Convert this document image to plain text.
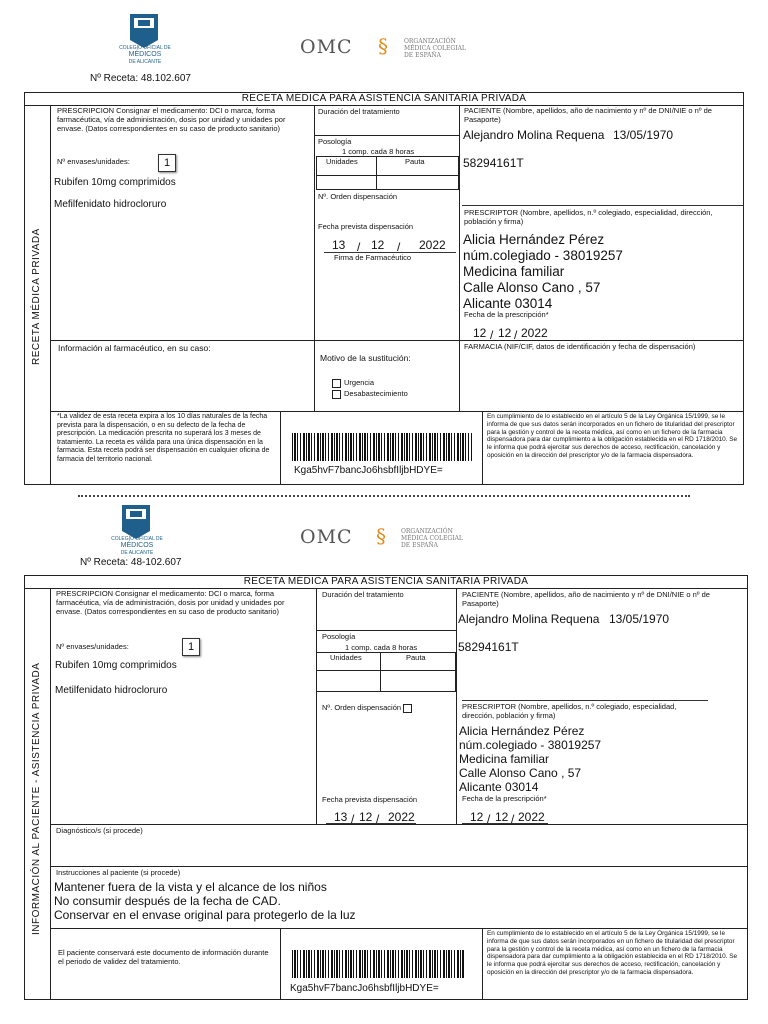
COLEGIO OFICIAL DE
MÉDICOS
DE ALICANTE
OMC §	ORGANIZACIÓN
MÉDICA COLEGIAL
DE ESPAÑA
Nº Receta: 48.102.607
RECETA MÉDICA PARA ASISTENCIA SANITARIA PRIVADA
RECETA MÉDICA PRIVADA
PRESCRIPCION Consignar el medicamento: DCI o marca, forma farmacéutica, vía de administración, dosis por unidad y unidades por envase. (Datos correspondientes en su caso de producto sanitario)
Nº envases/unidades:	1
Rubifen 10mg comprimidos
Mefilfenidato hidrocloruro
Duración del tratamiento
Posología
1 comp. cada 8 horas
Unidades	Pauta
Nº. Orden dispensación
Fecha prevista dispensación
13 / 12 / 2022
Firma de Farmacéutico
PACIENTE (Nombre, apellidos, año de nacimiento y nº de DNI/NIE o nº de Pasaporte)
Alejandro Molina Requena 13/05/1970
58294161T
PRESCRIPTOR (Nombre, apellidos, n.º colegiado, especialidad, dirección, población y firma)
Alicia Hernández Pérez
núm.colegiado - 38019257
Medicina familiar
Calle Alonso Cano , 57
Alicante 03014
Fecha de la prescripción*
12 / 12 / 2022
Información al farmacéutico, en su caso:
Motivo de la sustitución:
Urgencia
Desabastecimiento
FARMACIA (NIF/CIF, datos de identificación y fecha de dispensación)
*La validez de esta receta expira a los 10 días naturales de la fecha prevista para la dispensación, o en su defecto de la fecha de prescripción. La medicación prescrita no superará los 3 meses de tratamiento. La receta es válida para una única dispensación en la farmacia. Esta receta podrá ser dispensación en cualquier oficina de farmacia del territorio nacional.
Kga5hvF7bancJo6hsbfIljbHDYE=
En cumplimiento de lo establecido en el artículo 5 de la Ley Orgánica 15/1999, se le informa de que sus datos serán incorporados en un fichero de titularidad del prescriptor para la gestión y control de la receta médica, así como en un fichero de la farmacia dispensadora para dar cumplimiento a la obligación establecida en el RD 1718/2010. Se le informa que podrá ejercitar sus derechos de acceso, rectificación, cancelación y oposición en la dirección del prescriptor y/o de la farmacia dispensadora.
COLEGIO OFICIAL DE
MÉDICOS
DE ALICANTE
OMC §	ORGANIZACIÓN
MÉDICA COLEGIAL
DE ESPAÑA
Nº Receta: 48-102.607
RECETA MÉDICA PARA ASISTENCIA SANITARIA PRIVADA
INFORMACIÓN AL PACIENTE - ASISTENCIA PRIVADA
PRESCRIPCION Consignar el medicamento: DCI o marca, forma farmacéutica, vía de administración, dosis por unidad y unidades por envase. (Datos correspondientes en su caso de producto sanitario)
Nº envases/unidades:	1
Rubifen 10mg comprimidos
Metilfenidato hidrocloruro
Duración del tratamiento
Posología
1 comp. cada 8 horas
Unidades	Pauta
Nº. Orden dispensación
Fecha prevista dispensación
13 / 12 / 2022
PACIENTE (Nombre, apellidos, año de nacimiento y nº de DNI/NIE o nº de Pasaporte)
Alejandro Molina Requena 13/05/1970
58294161T
PRESCRIPTOR (Nombre, apellidos, n.º colegiado, especialidad, dirección, población y firma)
Alicia Hernández Pérez
núm.colegiado - 38019257
Medicina familiar
Calle Alonso Cano , 57
Alicante 03014
Fecha de la prescripción*
12 / 12 / 2022
Diagnóstico/s (si procede)
Instrucciones al paciente (si procede)
Mantener fuera de la vista y el alcance de los niños
No consumir después de la fecha de CAD.
Conservar en el envase original para protegerlo de la luz
El paciente conservará este documento de información durante el periodo de validez del tratamiento.
Kga5hvF7bancJo6hsbfIljbHDYE=
En cumplimiento de lo establecido en el artículo 5 de la Ley Orgánica 15/1999, se le informa de que sus datos serán incorporados en un fichero de titularidad del prescriptor para la gestión y control de la receta médica, así como en un fichero de la farmacia dispensadora para dar cumplimiento a la obligación establecida en el RD 1718/2010. Se le informa que podrá ejercitar sus derechos de acceso, rectificación, cancelación y oposición en la dirección del prescriptor y/o de la farmacia dispensadora.
